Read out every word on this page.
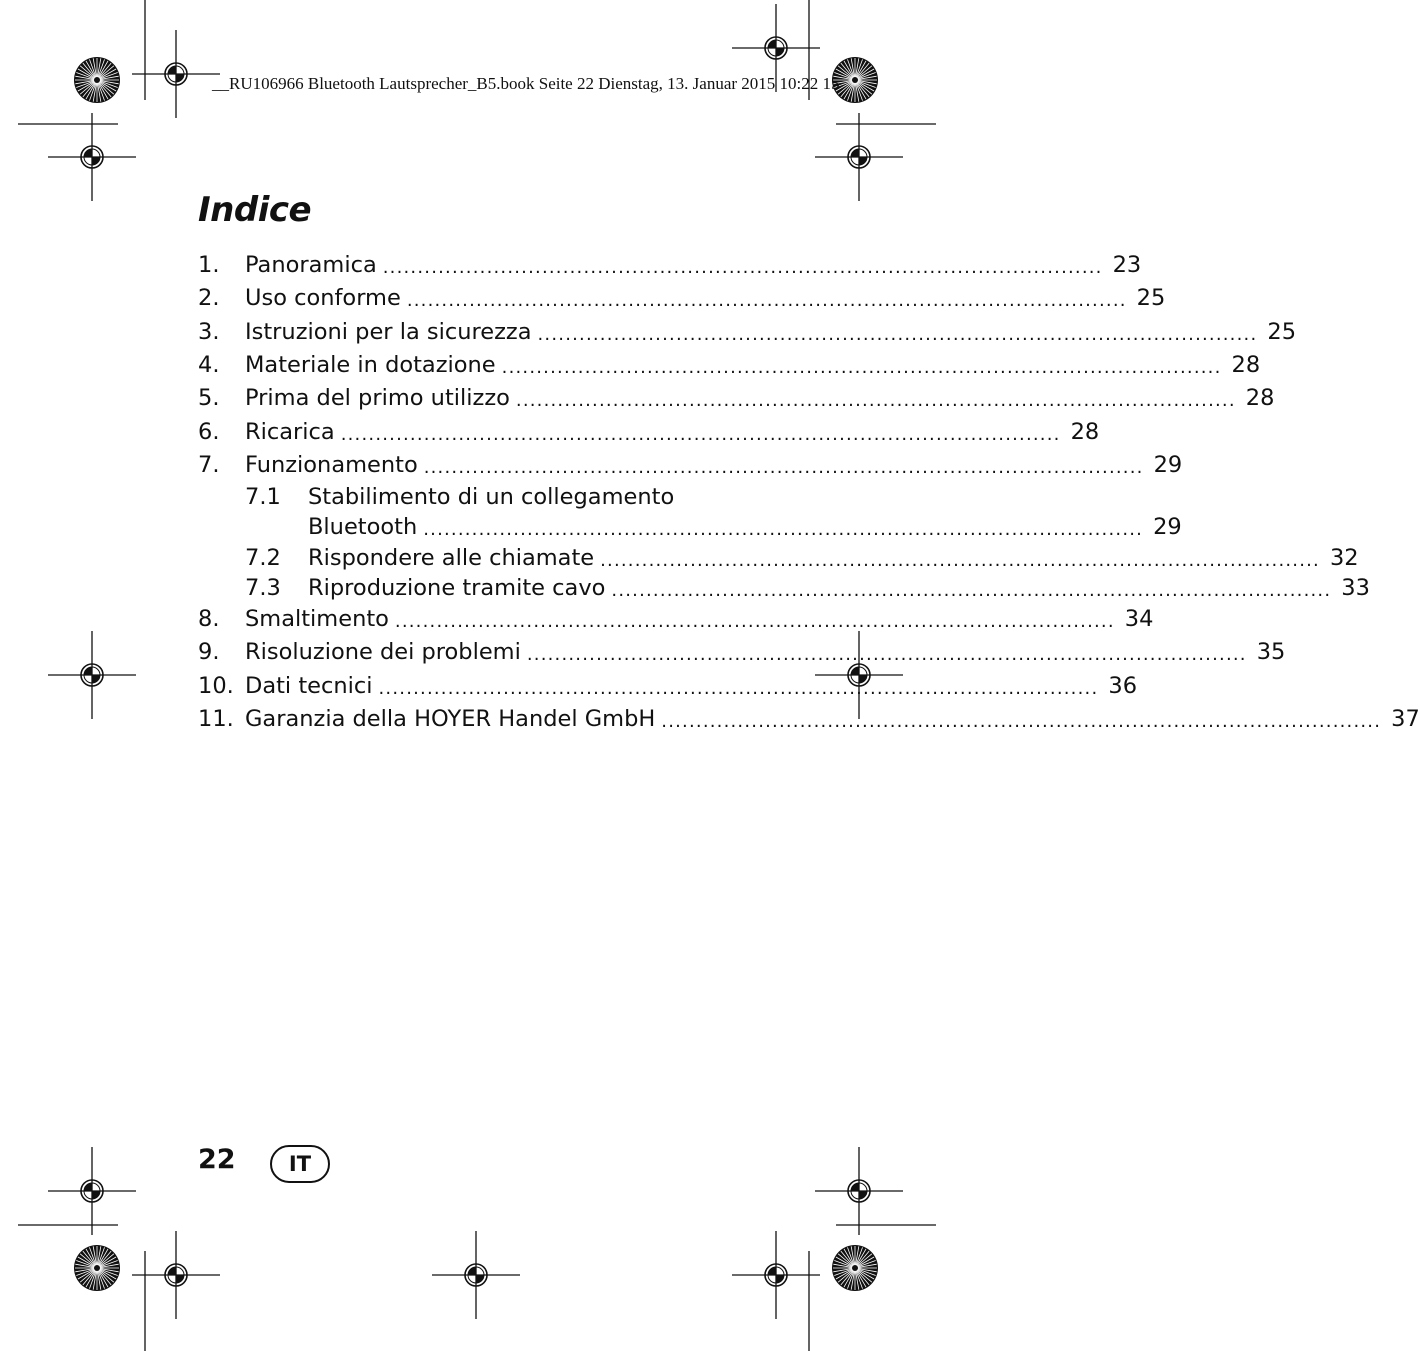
__RU106966 Bluetooth Lautsprecher_B5.book Seite 22 Dienstag, 13. Januar 2015 10:22 15
Indice
1.	Panoramica ........................................................................................................ 23
2.	Uso conforme ........................................................................................................ 25
3.	Istruzioni per la sicurezza ........................................................................................................ 25
4.	Materiale in dotazione ........................................................................................................ 28
5.	Prima del primo utilizzo ........................................................................................................ 28
6.	Ricarica ........................................................................................................ 28
7.	Funzionamento ........................................................................................................ 29
7.1	Stabilimento di un collegamento
Bluetooth ........................................................................................................ 29
7.2	Rispondere alle chiamate ........................................................................................................ 32
7.3	Riproduzione tramite cavo ........................................................................................................ 33
8.	Smaltimento ........................................................................................................ 34
9.	Risoluzione dei problemi ........................................................................................................ 35
10. Dati tecnici ........................................................................................................ 36
11. Garanzia della HOYER Handel GmbH ........................................................................................................ 37
22	IT
